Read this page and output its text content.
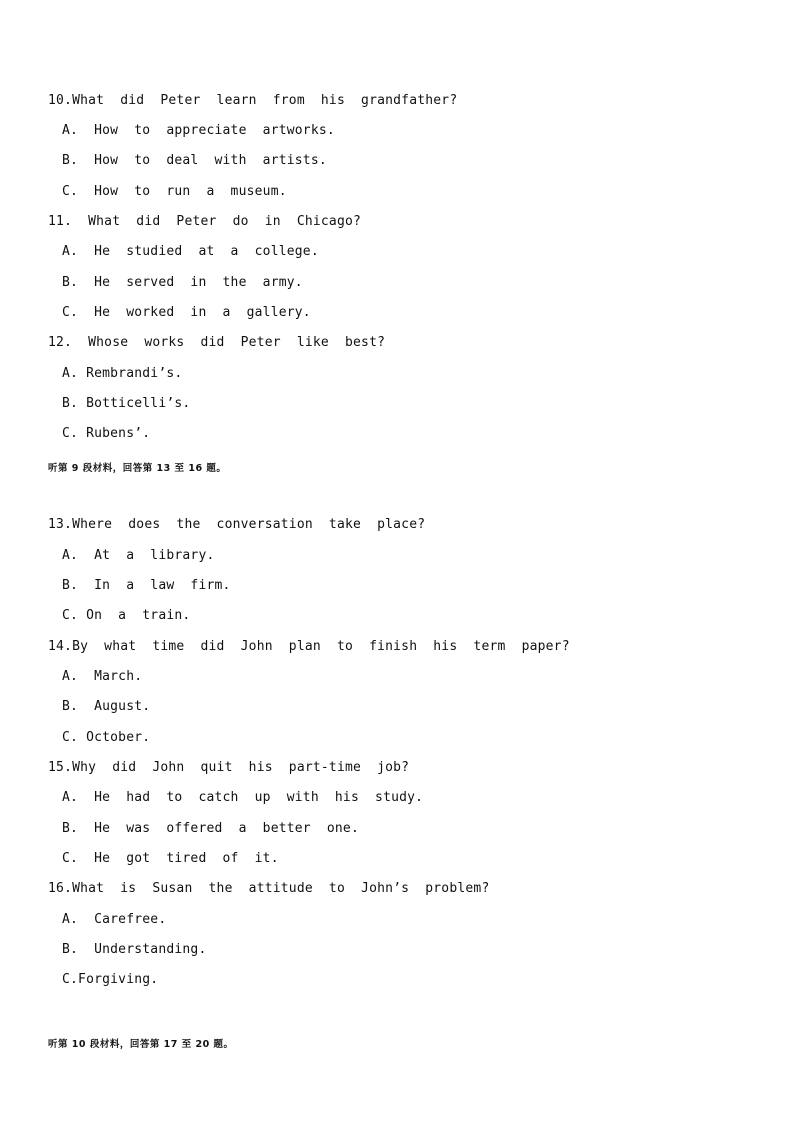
10.What  did  Peter  learn  from  his  grandfather?
A.  How  to  appreciate  artworks.
B.  How  to  deal  with  artists.
C.  How  to  run  a  museum.
11.  What  did  Peter  do  in  Chicago?
A.  He  studied  at  a  college.
B.  He  served  in  the  army.
C.  He  worked  in  a  gallery.
12.  Whose  works  did  Peter  like  best?
A. Rembrandi’s.
B. Botticelli’s.
C. Rubens’.
听第 9 段材料，回答第 13 至 16 题。
13.Where  does  the  conversation  take  place?
A.  At  a  library.
B.  In  a  law  firm.
C. On  a  train.
14.By  what  time  did  John  plan  to  finish  his  term  paper?
A.  March.
B.  August.
C. October.
15.Why  did  John  quit  his  part-time  job?
A.  He  had  to  catch  up  with  his  study.
B.  He  was  offered  a  better  one.
C.  He  got  tired  of  it.
16.What  is  Susan  the  attitude  to  John’s  problem?
A.  Carefree.
B.  Understanding.
C.Forgiving.
听第 10 段材料，回答第 17 至 20 题。
